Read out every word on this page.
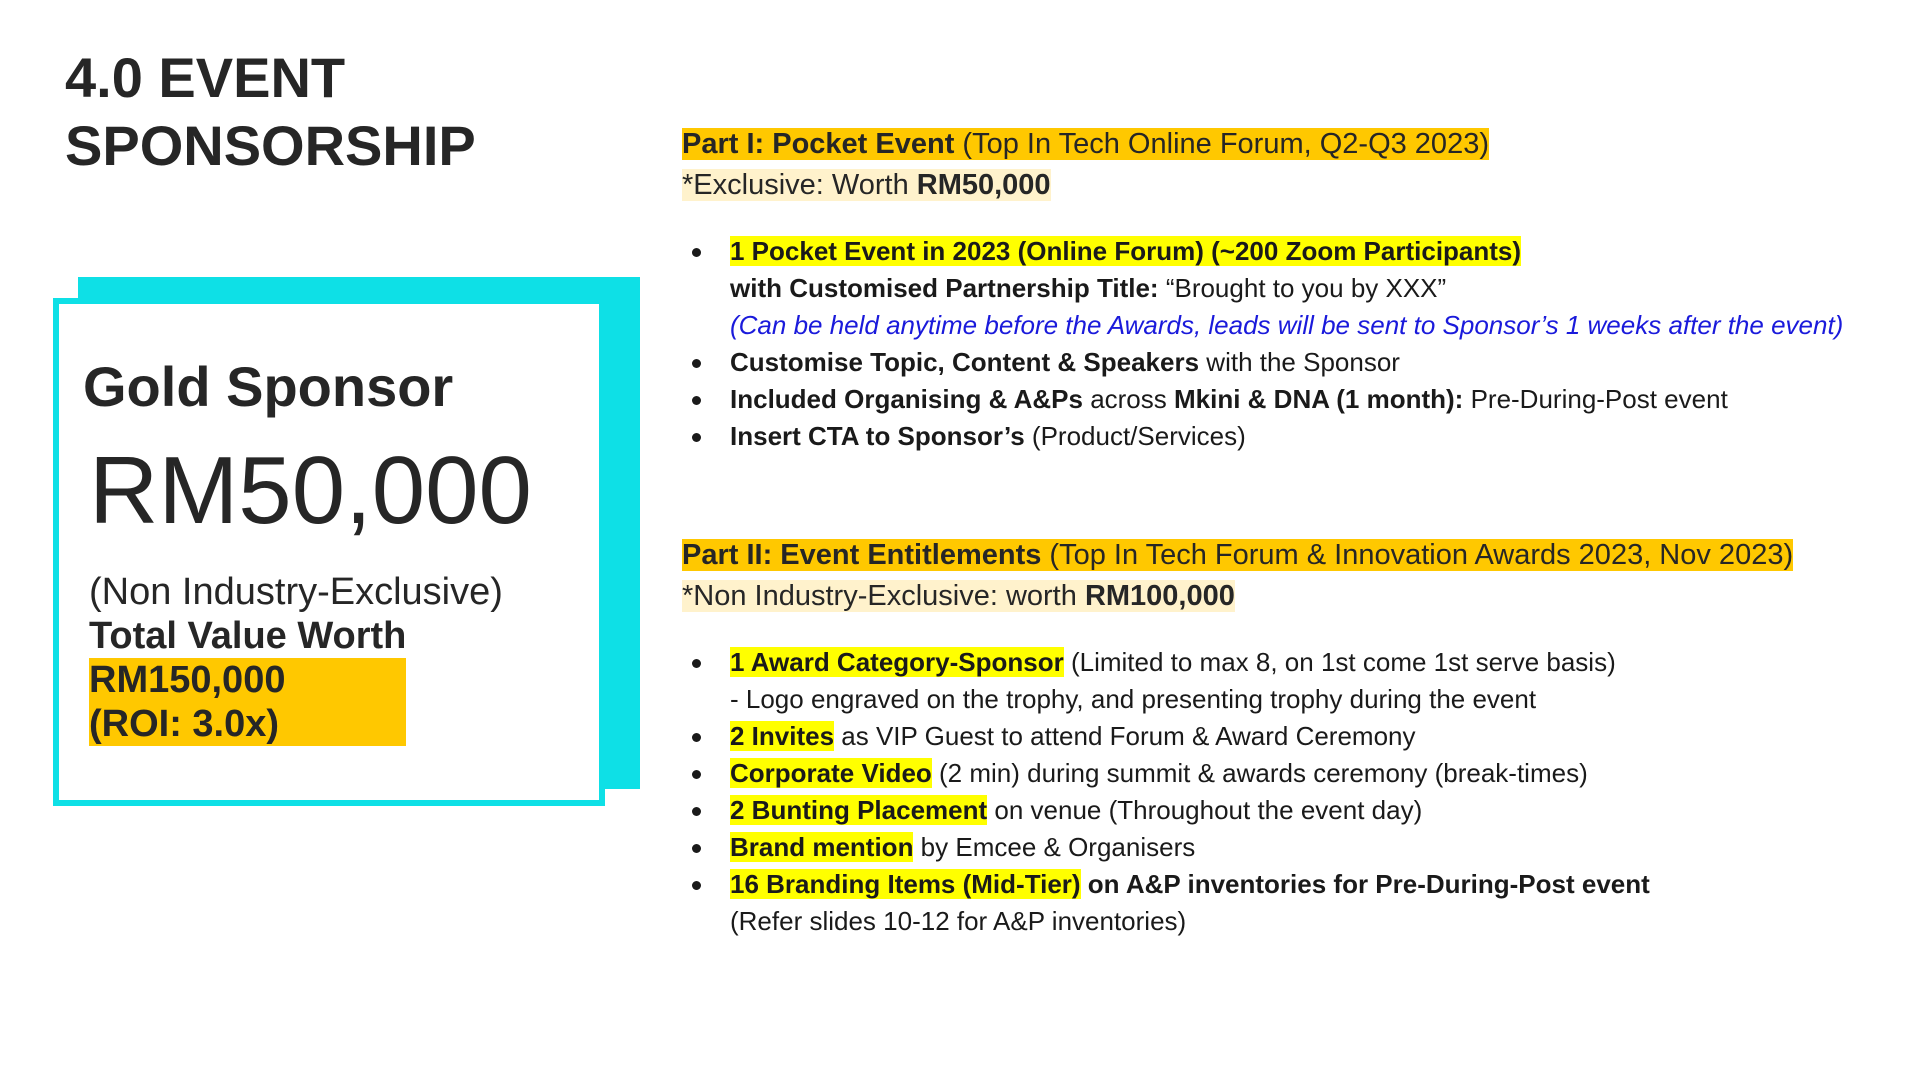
4.0 EVENT
SPONSORSHIP
Gold Sponsor
RM50,000
(Non Industry-Exclusive)
Total Value Worth
RM150,000
(ROI: 3.0x)
Part I: Pocket Event (Top In Tech Online Forum, Q2-Q3 2023)
*Exclusive: Worth RM50,000
1 Pocket Event in 2023 (Online Forum) (~200 Zoom Participants)
with Customised Partnership Title: “Brought to you by XXX”
(Can be held anytime before the Awards, leads will be sent to Sponsor’s 1 weeks after the event)
Customise Topic, Content & Speakers with the Sponsor
Included Organising & A&Ps across Mkini & DNA (1 month): Pre-During-Post event
Insert CTA to Sponsor’s (Product/Services)
Part II: Event Entitlements (Top In Tech Forum & Innovation Awards 2023, Nov 2023)
*Non Industry-Exclusive: worth RM100,000
1 Award Category-Sponsor (Limited to max 8, on 1st come 1st serve basis)
- Logo engraved on the trophy, and presenting trophy during the event
2 Invites as VIP Guest to attend Forum & Award Ceremony
Corporate Video (2 min) during summit & awards ceremony (break-times)
2 Bunting Placement on venue (Throughout the event day)
Brand mention by Emcee & Organisers
16 Branding Items (Mid-Tier) on A&P inventories for Pre-During-Post event
(Refer slides 10-12 for A&P inventories)
